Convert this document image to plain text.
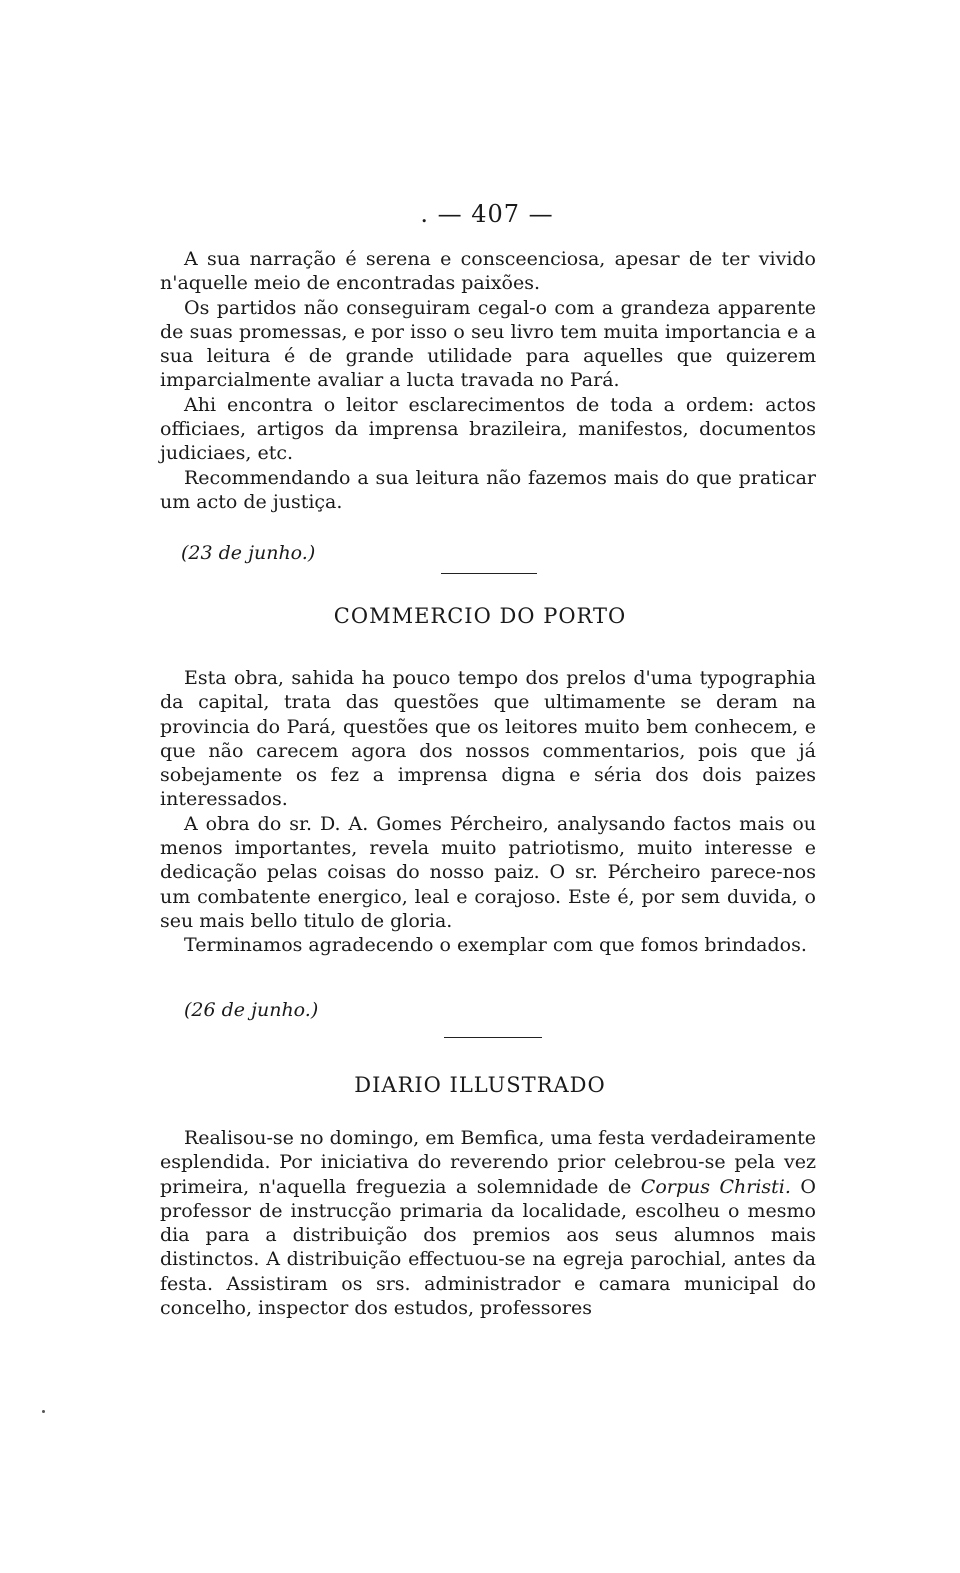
. — 407 —

A sua narração é serena e consceenciosa, apesar de ter vivido n'aquelle meio de encontradas paixões.

Os partidos não conseguiram cegal-o com a grandeza apparente de suas promessas, e por isso o seu livro tem muita importancia e a sua leitura é de grande utilidade para aquelles que quizerem imparcialmente avaliar a lucta travada no Pará.

Ahi encontra o leitor esclarecimentos de toda a ordem: actos officiaes, artigos da imprensa brazileira, manifestos, documentos judiciaes, etc.

Recommendando a sua leitura não fazemos mais do que praticar um acto de justiça.

(23 de junho.)
COMMERCIO DO PORTO

Esta obra, sahida ha pouco tempo dos prelos d'uma typographia da capital, trata das questões que ultimamente se deram na provincia do Pará, questões que os leitores muito bem conhecem, e que não carecem agora dos nossos commentarios, pois que já sobejamente os fez a imprensa digna e séria dos dois paizes interessados.

A obra do sr. D. A. Gomes Pércheiro, analysando factos mais ou menos importantes, revela muito patriotismo, muito interesse e dedicação pelas coisas do nosso paiz. O sr. Pércheiro parece-nos um combatente energico, leal e corajoso. Este é, por sem duvida, o seu mais bello titulo de gloria.

Terminamos agradecendo o exemplar com que fomos brindados.

(26 de junho.)
DIARIO ILLUSTRADO

Realisou-se no domingo, em Bemfica, uma festa verdadeiramente esplendida. Por iniciativa do reverendo prior celebrou-se pela vez primeira, n'aquella freguezia a solemnidade de Corpus Christi. O professor de instrucção primaria da localidade, escolheu o mesmo dia para a distribuição dos premios aos seus alumnos mais distinctos. A distribuição effectuou-se na egreja parochial, antes da festa. Assistiram os srs. administrador e camara municipal do concelho, inspector dos estudos, professores
